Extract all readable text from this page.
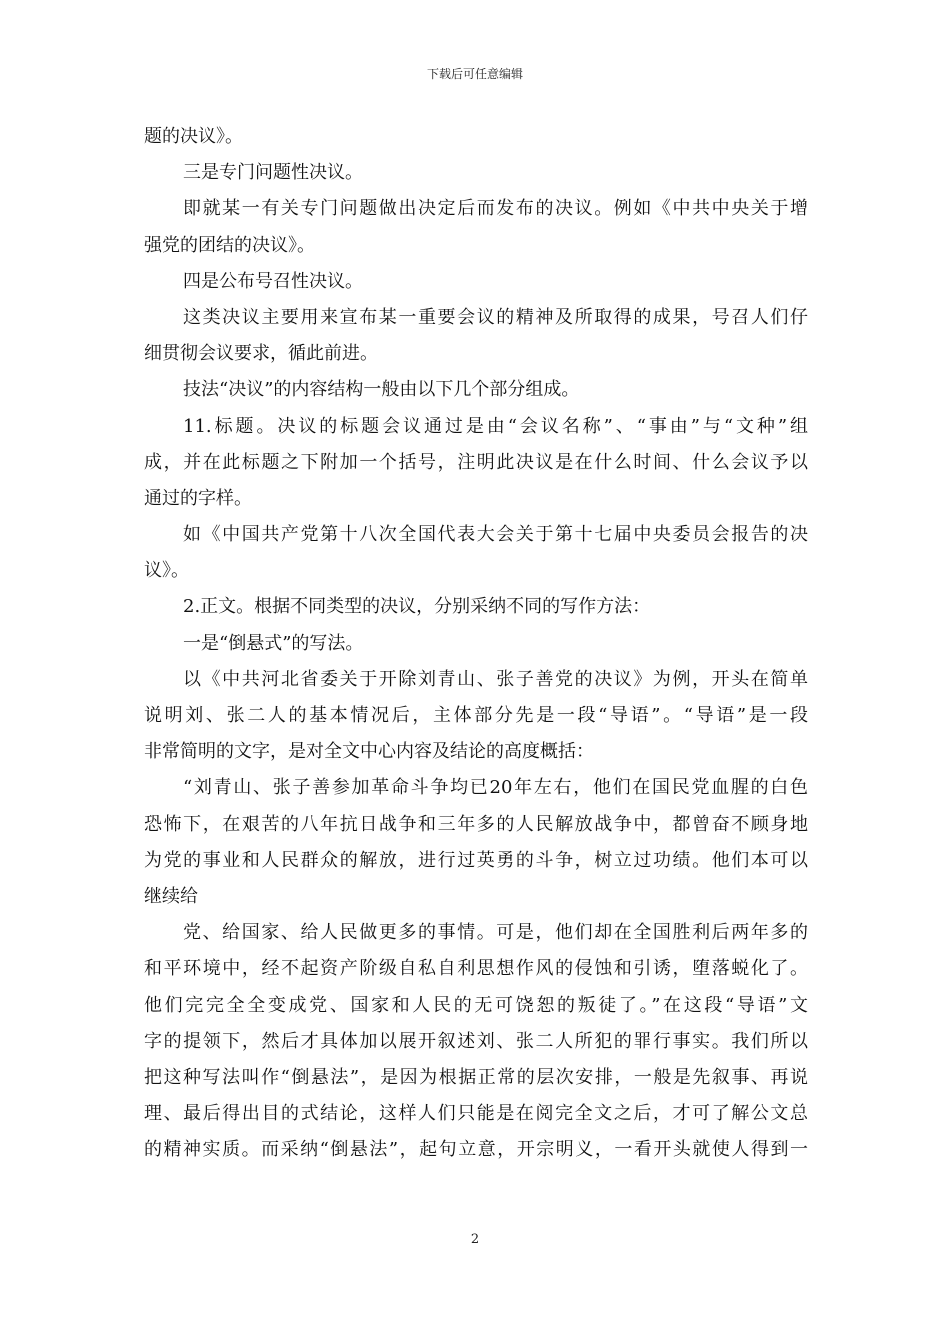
下载后可任意编辑
题的决议》。
三是专门问题性决议。
即就某一有关专门问题做出决定后而发布的决议。例如《中共中央关于增
强党的团结的决议》。
四是公布号召性决议。
这类决议主要用来宣布某一重要会议的精神及所取得的成果，号召人们仔
细贯彻会议要求，循此前进。
技法“决议”的内容结构一般由以下几个部分组成。
11.标题。决议的标题会议通过是由“会议名称”、“事由”与“文种”组
成，并在此标题之下附加一个括号，注明此决议是在什么时间、什么会议予以
通过的字样。
如《中国共产党第十八次全国代表大会关于第十七届中央委员会报告的决
议》。
2.正文。根据不同类型的决议，分别采纳不同的写作方法：
一是“倒悬式”的写法。
以《中共河北省委关于开除刘青山、张子善党的决议》为例，开头在简单
说明刘、张二人的基本情况后，主体部分先是一段“导语”。“导语”是一段
非常简明的文字，是对全文中心内容及结论的高度概括：
“刘青山、张子善参加革命斗争均已20年左右，他们在国民党血腥的白色
恐怖下，在艰苦的八年抗日战争和三年多的人民解放战争中，都曾奋不顾身地
为党的事业和人民群众的解放，进行过英勇的斗争，树立过功绩。他们本可以
继续给
党、给国家、给人民做更多的事情。可是，他们却在全国胜利后两年多的
和平环境中，经不起资产阶级自私自利思想作风的侵蚀和引诱，堕落蜕化了。
他们完完全全变成党、国家和人民的无可饶恕的叛徒了。”在这段“导语”文
字的提领下，然后才具体加以展开叙述刘、张二人所犯的罪行事实。我们所以
把这种写法叫作“倒悬法”，是因为根据正常的层次安排，一般是先叙事、再说
理、最后得出目的式结论，这样人们只能是在阅完全文之后，才可了解公文总
的精神实质。而采纳“倒悬法”，起句立意，开宗明义，一看开头就使人得到一
2
